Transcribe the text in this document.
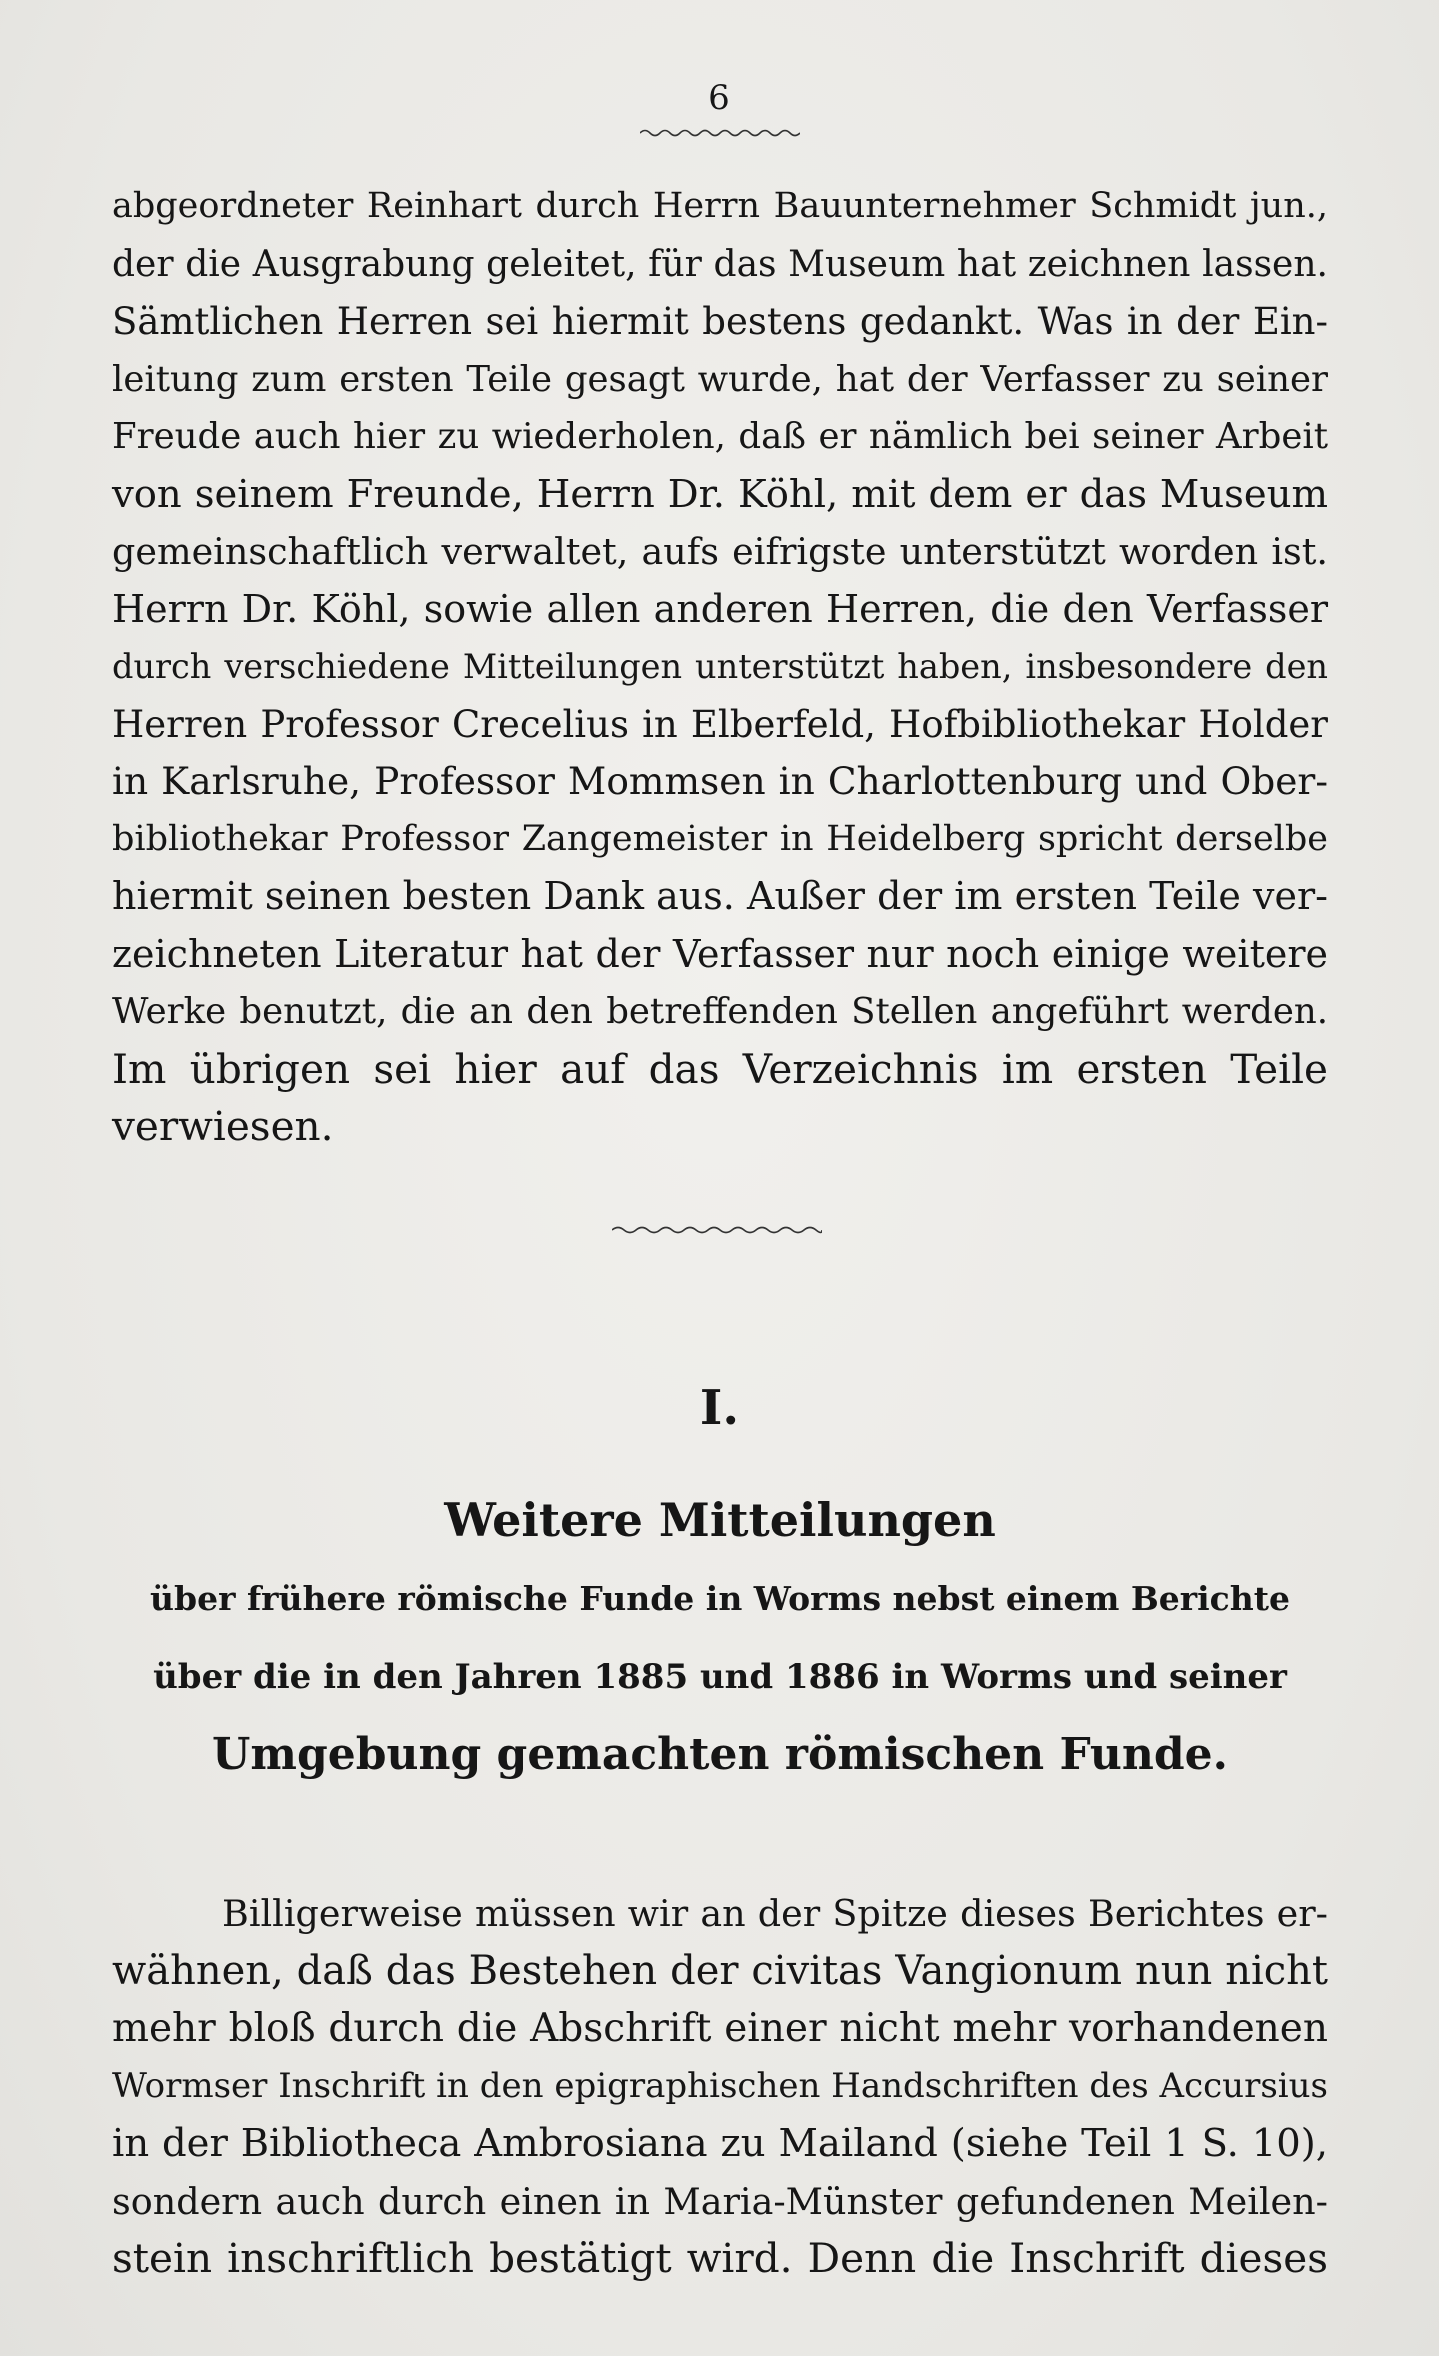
6
abgeordneter Reinhart durch Herrn Bauunternehmer Schmidt jun.,
der die Ausgrabung geleitet, für das Museum hat zeichnen lassen.
Sämtlichen Herren sei hiermit bestens gedankt. Was in der Ein-
leitung zum ersten Teile gesagt wurde, hat der Verfasser zu seiner
Freude auch hier zu wiederholen, daß er nämlich bei seiner Arbeit
von seinem Freunde, Herrn Dr. Köhl, mit dem er das Museum
gemeinschaftlich verwaltet, aufs eifrigste unterstützt worden ist.
Herrn Dr. Köhl, sowie allen anderen Herren, die den Verfasser
durch verschiedene Mitteilungen unterstützt haben, insbesondere den
Herren Professor Crecelius in Elberfeld, Hofbibliothekar Holder
in Karlsruhe, Professor Mommsen in Charlottenburg und Ober-
bibliothekar Professor Zangemeister in Heidelberg spricht derselbe
hiermit seinen besten Dank aus. Außer der im ersten Teile ver-
zeichneten Literatur hat der Verfasser nur noch einige weitere
Werke benutzt, die an den betreffenden Stellen angeführt werden.
Im übrigen sei hier auf das Verzeichnis im ersten Teile
verwiesen.
I.
Weitere Mitteilungen
über frühere römische Funde in Worms nebst einem Berichte
über die in den Jahren 1885 und 1886 in Worms und seiner
Umgebung gemachten römischen Funde.
Billigerweise müssen wir an der Spitze dieses Berichtes er-
wähnen, daß das Bestehen der civitas Vangionum nun nicht
mehr bloß durch die Abschrift einer nicht mehr vorhandenen
Wormser Inschrift in den epigraphischen Handschriften des Accursius
in der Bibliotheca Ambrosiana zu Mailand (siehe Teil 1 S. 10),
sondern auch durch einen in Maria-Münster gefundenen Meilen-
stein inschriftlich bestätigt wird. Denn die Inschrift dieses
